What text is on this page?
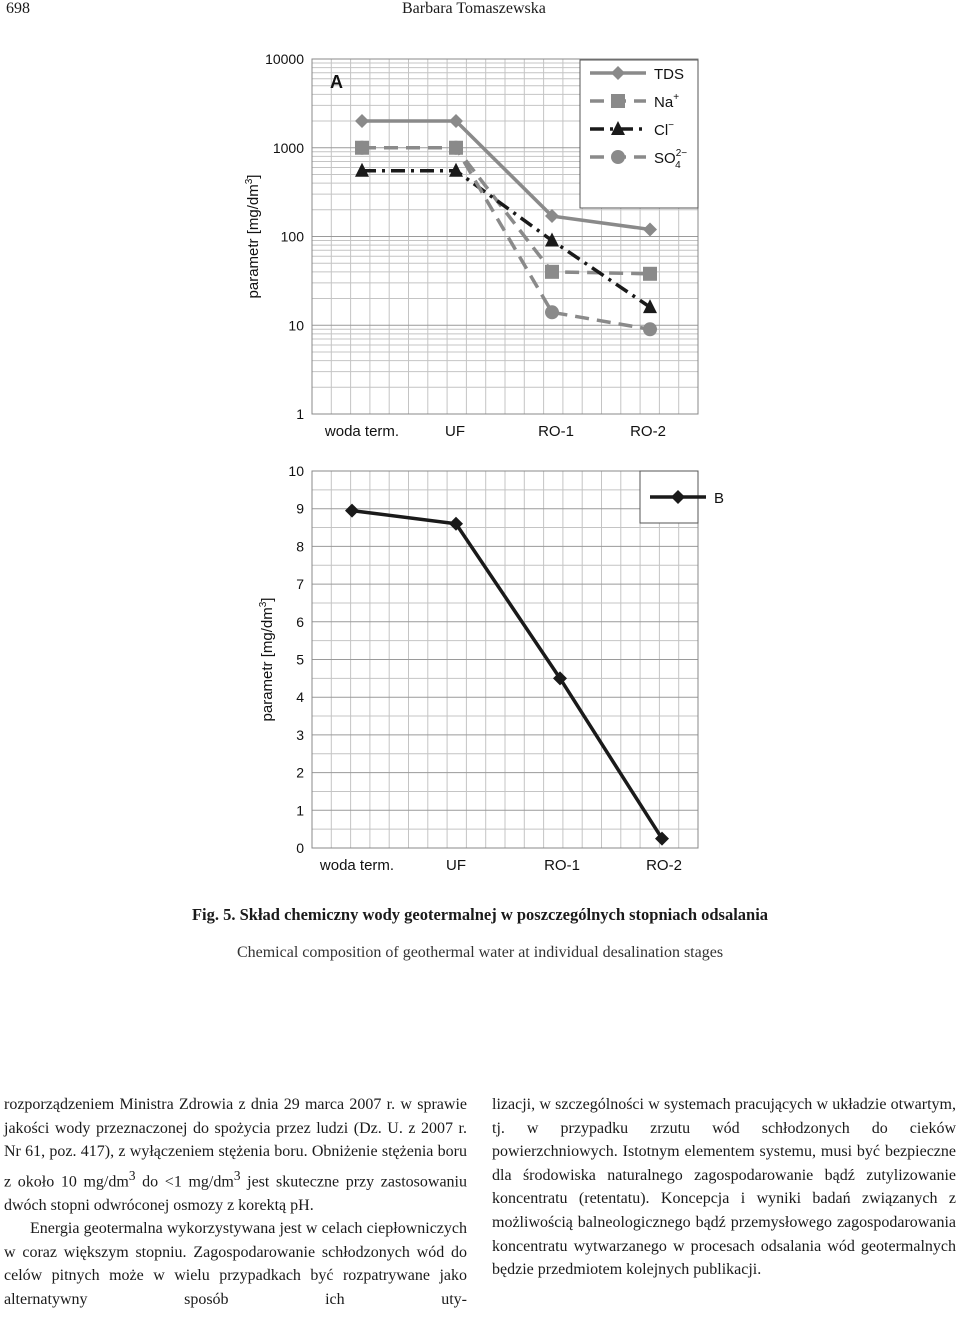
698	Barbara Tomaszewska
1
10
100
1000
10000
parametr $[mg/dm^3]$
woda term.	UF	RO-1	RO-2
TDS
Na+
Cl−
$SO^{2-}$ 4
A
0
1
2
3
4
5
6
7
8
9
10
parametr $[mg/dm^3]$
woda term.	UF	RO-1	RO-2
B
Fig. 5. Skład chemiczny wody geotermalnej w poszczególnych stopniach odsalania
Chemical composition of geothermal water at individual desalination stages

rozporządzeniem Ministra Zdrowia z dnia 29 marca 2007 r. w sprawie jakości wody przeznaczonej do spożycia przez ludzi (Dz. U. z 2007 r. Nr 61, poz. 417), z wyłączeniem stężenia boru. Obniżenie stężenia boru z około 10 $mg/dm^3$ do <1 $mg/dm^3$ jest skuteczne przy zastosowaniu dwóch stopni odwróconej osmozy z korektą pH.

Energia geotermalna wykorzystywana jest w celach ciepłowniczych w coraz większym stopniu. Zagospodarowanie schłodzonych wód do celów pitnych może w wielu przypadkach być rozpatrywane jako alternatywny sposób ich uty-

lizacji, w szczególności w systemach pracujących w układzie otwartym, tj. w przypadku zrzutu wód schłodzonych do cieków powierzchniowych. Istotnym elementem systemu, musi być bezpieczne dla środowiska naturalnego zagospodarowanie bądź zutylizowanie koncentratu (retentatu). Koncepcja i wyniki badań związanych z możliwością balneologicznego bądź przemysłowego zagospodarowania koncentratu wytwarzanego w procesach odsalania wód geotermalnych będzie przedmiotem kolejnych publikacji.
